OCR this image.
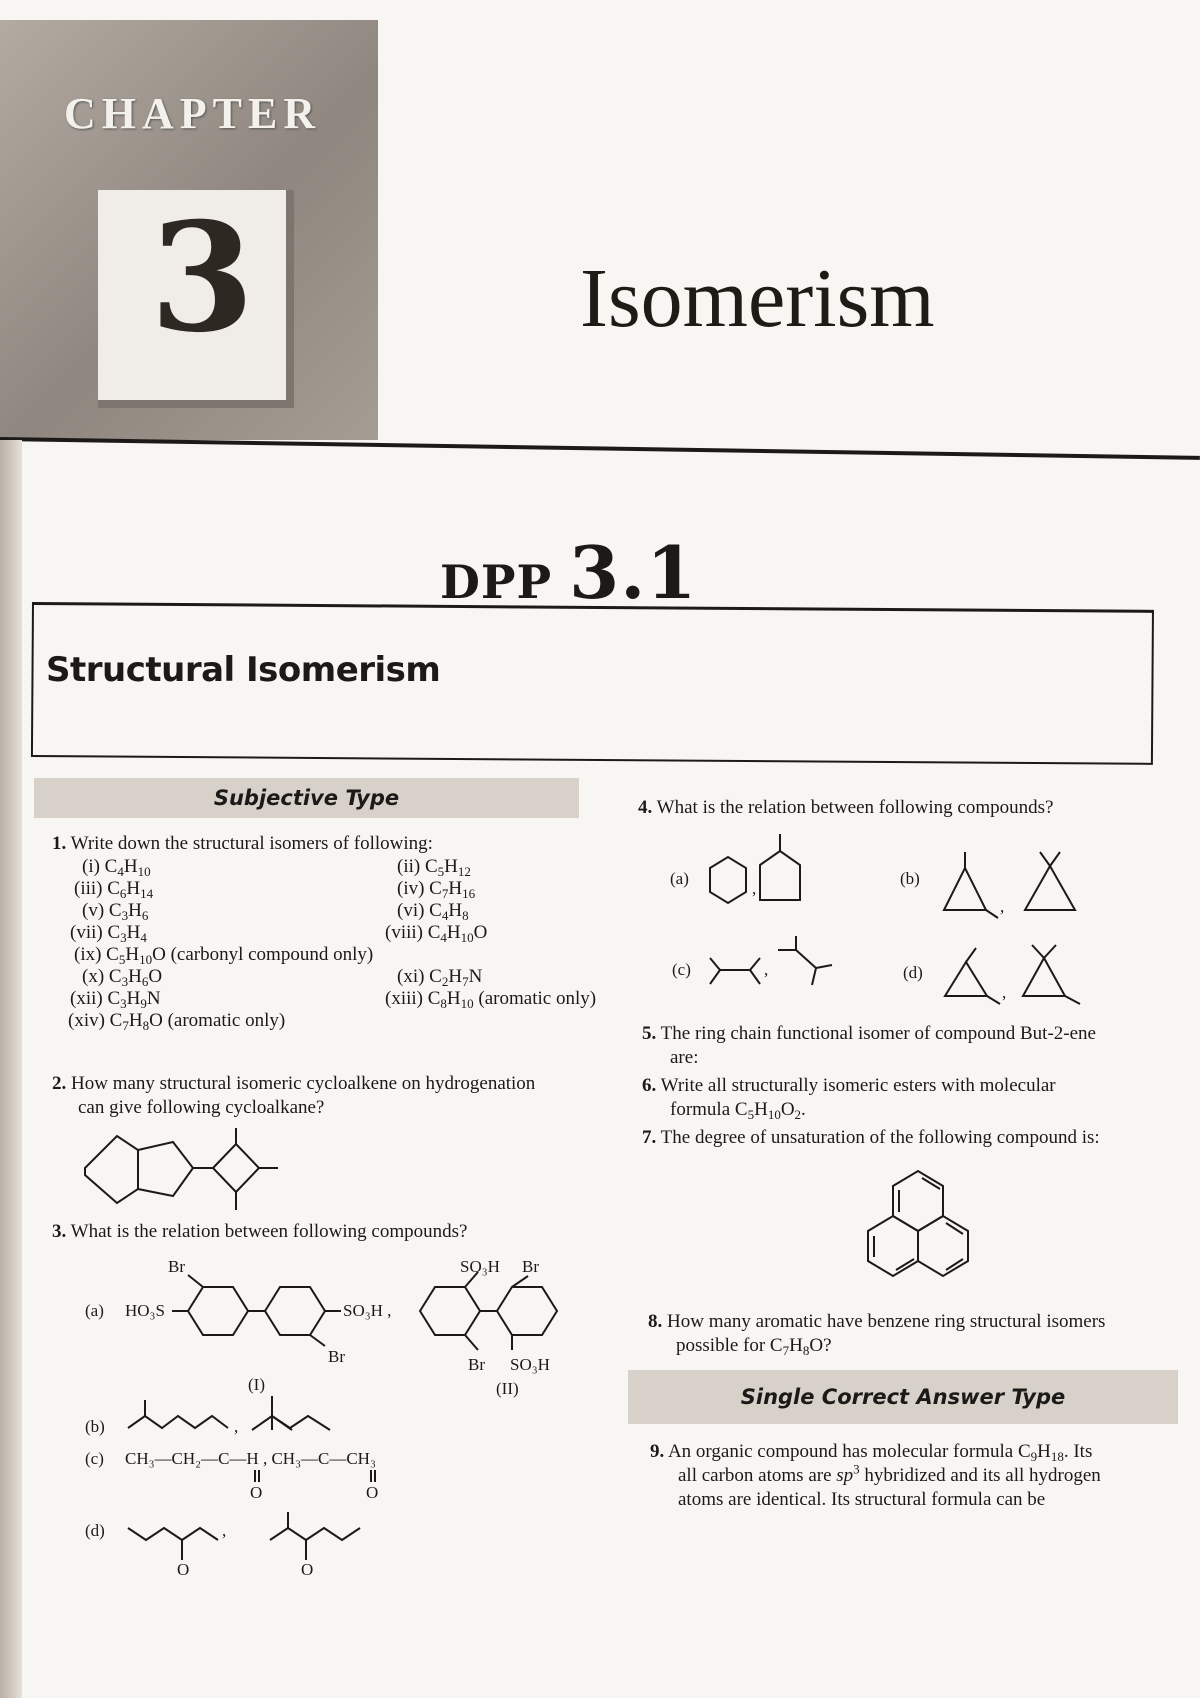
CHAPTER
3	Isomerism
DPP 3.1
Structural Isomerism
Subjective Type
1. Write down the structural isomers of following:
(i) $C_4H_{10}$	(ii) $C_5H_{12}$
(iii) $C_6H_{14}$	(iv) $C_7H_{16}$
(v) $C_3H_6$	(vi) $C_4H_8$
(vii) $C_3H_4$	(viii) $C_4H_{10}O$
(ix) $C_5H_{10}O$ (carbonyl compound only)
(x) $C_3H_6O$	(xi) $C_2H_7N$
(xii) $C_3H_9N$	(xiii) $C_8H_{10}$ (aromatic only)
(xiv) $C_7H_8O$ (aromatic only)
2. How many structural isomeric cycloalkene on hydrogenation
can give following cycloalkane?
3. What is the relation between following compounds?
(a) HO₃S	SO₃H ,
Br
Br
(I)
SO₃H Br
Br SO₃H
(II)
(b)	,
(c) CH₃—CH₂—C—H , CH₃—C—CH₃
O	O
(d)
O
,
O
4. What is the relation between following compounds?
(a)
,
(b)
,
(c)	,	(d)
,
5. The ring chain functional isomer of compound But-2-ene
are:
6. Write all structurally isomeric esters with molecular
formula $C_5H_{10}O_2$.
7. The degree of unsaturation of the following compound is:
8. How many aromatic have benzene ring structural isomers
possible for $C_7H_8O$?
Single Correct Answer Type
9. An organic compound has molecular formula $C_9H_{18}$. Its
all carbon atoms are $sp^3$ hybridized and its all hydrogen
atoms are identical. Its structural formula can be
